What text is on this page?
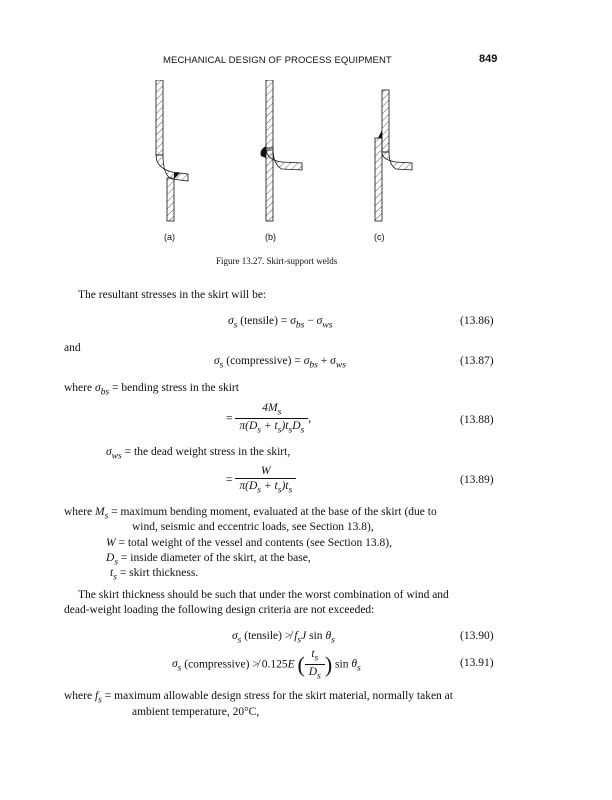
MECHANICAL DESIGN OF PROCESS EQUIPMENT	849
(a)	(b)	(c)
Figure 13.27. Skirt-support welds
The resultant stresses in the skirt will be:
$\sigma_s$ (tensile) = $\sigma_{bs} - \sigma_{ws}$	(13.86)
and
$\sigma_s$ (compressive) = $\sigma_{bs} + \sigma_{ws}$	(13.87)
where $\sigma_{bs}$ = bending stress in the skirt
= $\frac{4M_s}{\pi(D_s + t_s)t_sD_s}$ ,	(13.88)
$\sigma_{ws}$ = the dead weight stress in the skirt,
= $\frac{W}{\pi(D_s + t_s)t_s}$	(13.89)
where $M_s$ = maximum bending moment, evaluated at the base of the skirt (due to
wind, seismic and eccentric loads, see Section 13.8),
W = total weight of the vessel and contents (see Section 13.8),
$D_s$ = inside diameter of the skirt, at the base,
$t_s$ = skirt thickness.
The skirt thickness should be such that under the worst combination of wind and
dead-weight loading the following design criteria are not exceeded:
$\sigma_s$ (tensile) ≯ $f_sJ$ $\sin \theta_s$	(13.90)
$\sigma_s$ (compressive) ≯ 0.125E ( $\frac{t_s}{D_s}$ ) $\sin \theta_s$	(13.91)
where $f_s$ = maximum allowable design stress for the skirt material, normally taken at
ambient temperature, 20°C,
